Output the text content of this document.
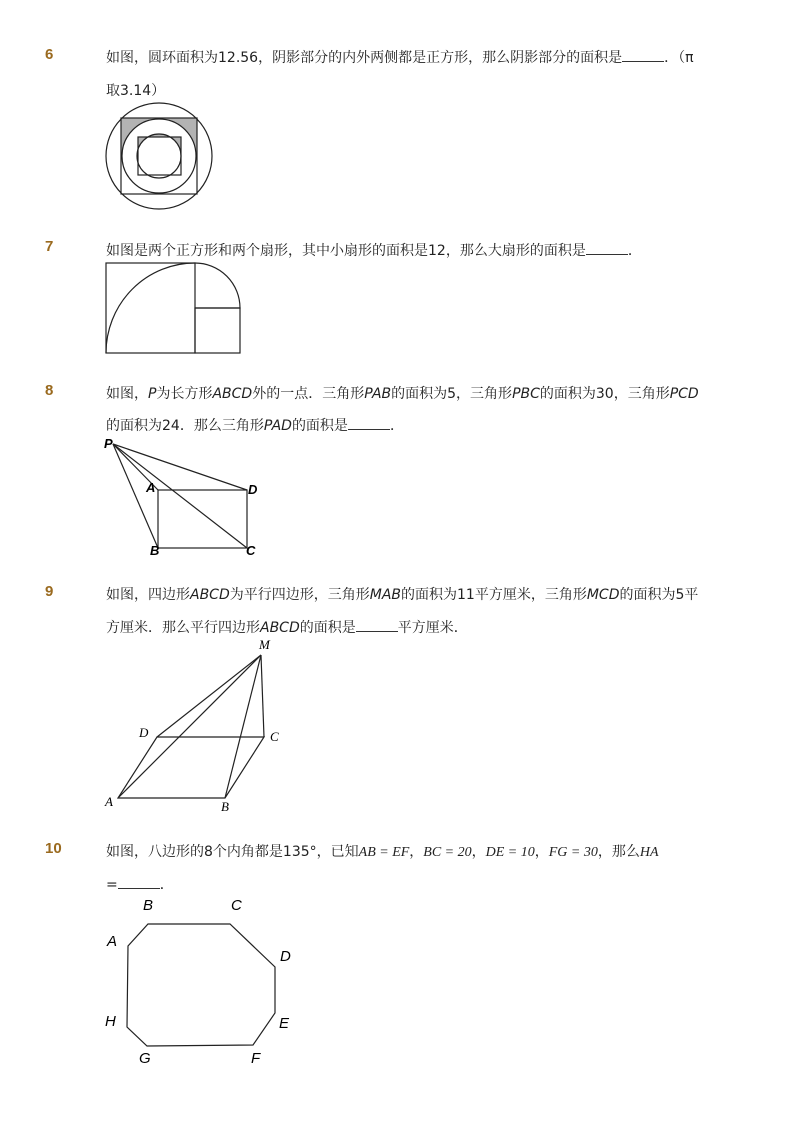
6	如图，圆环面积为12.56，阴影部分的内外两侧都是正方形，那么阴影部分的面积是	．（π
取3.14）
7	如图是两个正方形和两个扇形，其中小扇形的面积是12，那么大扇形的面积是	．
8	如图，P为长方形ABCD外的一点．三角形PAB的面积为5，三角形PBC的面积为30，三角形PCD
的面积为24．那么三角形PAD的面积是	．
P
A	D
B	C
9	如图，四边形ABCD为平行四边形，三角形MAB的面积为11平方厘米，三角形MCD的面积为5平
方厘米．那么平行四边形ABCD的面积是	平方厘米．
M
D	C
A	B
10	如图，八边形的8个内角都是135°，已知AB = EF，BC = 20，DE = 10，FG = 30，那么HA
=	．
B	C
A
D
H	E
G	F
